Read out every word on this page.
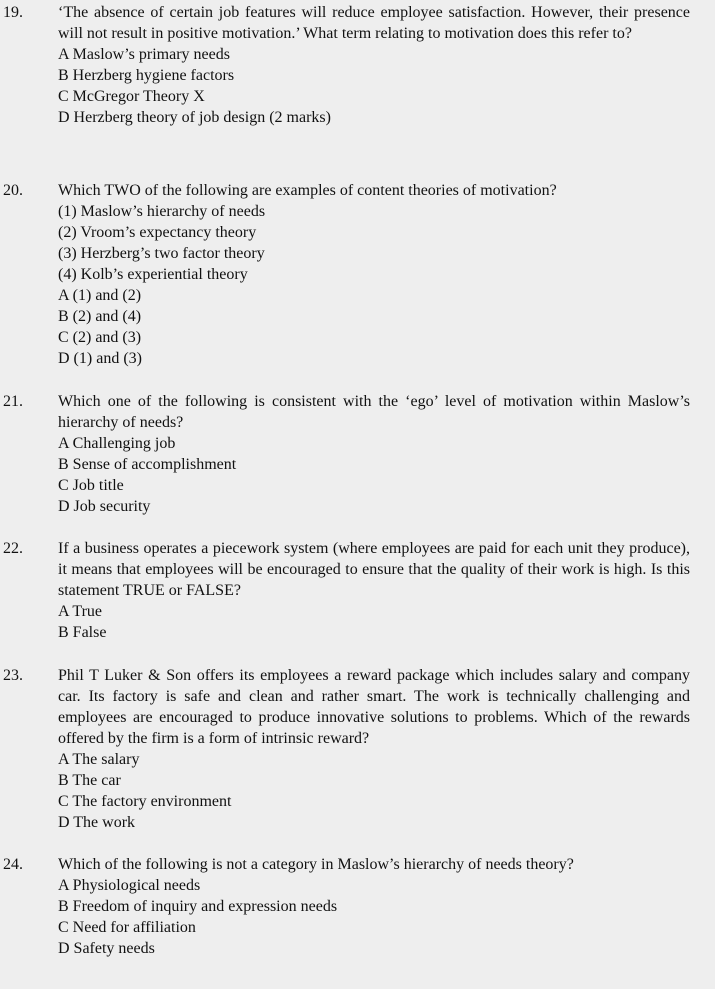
19.	‘The absence of certain job features will reduce employee satisfaction. However, their presence will not result in positive motivation.’ What term relating to motivation does this refer to?

A Maslow’s primary needs

B Herzberg hygiene factors

C McGregor Theory X

D Herzberg theory of job design (2 marks)

20.	Which TWO of the following are examples of content theories of motivation?

(1) Maslow’s hierarchy of needs

(2) Vroom’s expectancy theory

(3) Herzberg’s two factor theory

(4) Kolb’s experiential theory

A (1) and (2)

B (2) and (4)

C (2) and (3)

D (1) and (3)

21.	Which one of the following is consistent with the ‘ego’ level of motivation within Maslow’s hierarchy of needs?

A Challenging job

B Sense of accomplishment

C Job title

D Job security

22.	If a business operates a piecework system (where employees are paid for each unit they produce), it means that employees will be encouraged to ensure that the quality of their work is high. Is this statement TRUE or FALSE?

A True

B False

23.	Phil T Luker & Son offers its employees a reward package which includes salary and company car. Its factory is safe and clean and rather smart. The work is technically challenging and employees are encouraged to produce innovative solutions to problems. Which of the rewards offered by the firm is a form of intrinsic reward?

A The salary

B The car

C The factory environment

D The work

24.	Which of the following is not a category in Maslow’s hierarchy of needs theory?

A Physiological needs

B Freedom of inquiry and expression needs

C Need for affiliation

D Safety needs
